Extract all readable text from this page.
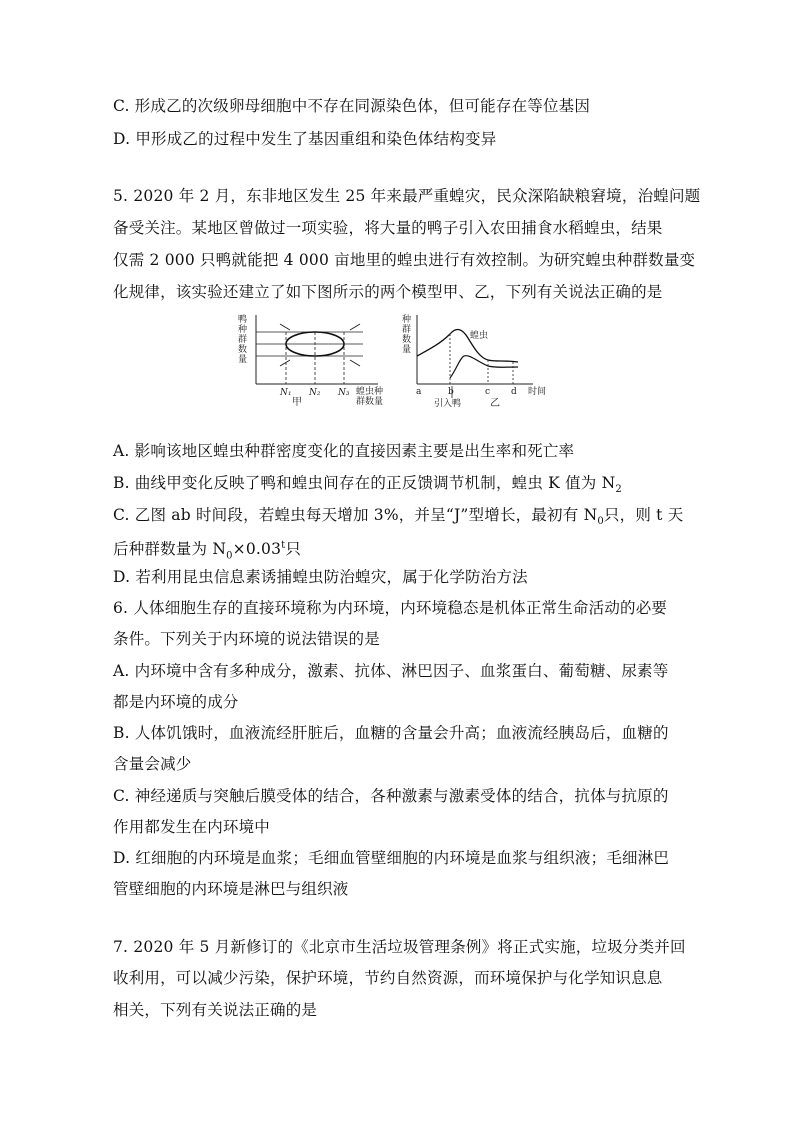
C. 形成乙的次级卵母细胞中不存在同源染色体，但可能存在等位基因
D. 甲形成乙的过程中发生了基因重组和染色体结构变异
5. 2020 年 2 月，东非地区发生 25 年来最严重蝗灾，民众深陷缺粮窘境，治蝗问题
备受关注。某地区曾做过一项实验，将大量的鸭子引入农田捕食水稻蝗虫，结果
仅需 2 000 只鸭就能把 4 000 亩地里的蝗虫进行有效控制。为研究蝗虫种群数量变
化规律，该实验还建立了如下图所示的两个模型甲、乙，下列有关说法正确的是
鸭
种
群
数
量
N₁ N₂ N₃ 蝗虫种
群数量
甲
种
群
数
量
蝗虫
a	b	c d 时间
引入鸭	乙
A. 影响该地区蝗虫种群密度变化的直接因素主要是出生率和死亡率
B. 曲线甲变化反映了鸭和蝗虫间存在的正反馈调节机制，蝗虫 K 值为 $N_2$
C. 乙图 ab 时间段，若蝗虫每天增加 3%，并呈“J”型增长，最初有 $N_0$只，则 t 天
后种群数量为 $N_0\times 0.03^t$只
D. 若利用昆虫信息素诱捕蝗虫防治蝗灾，属于化学防治方法
6. 人体细胞生存的直接环境称为内环境，内环境稳态是机体正常生命活动的必要
条件。下列关于内环境的说法错误的是
A. 内环境中含有多种成分，激素、抗体、淋巴因子、血浆蛋白、葡萄糖、尿素等
都是内环境的成分
B. 人体饥饿时，血液流经肝脏后，血糖的含量会升高；血液流经胰岛后，血糖的
含量会减少
C. 神经递质与突触后膜受体的结合，各种激素与激素受体的结合，抗体与抗原的
作用都发生在内环境中
D. 红细胞的内环境是血浆；毛细血管壁细胞的内环境是血浆与组织液；毛细淋巴
管壁细胞的内环境是淋巴与组织液
7. 2020 年 5 月新修订的《北京市生活垃圾管理条例》将正式实施，垃圾分类并回
收利用，可以减少污染，保护环境，节约自然资源，而环境保护与化学知识息息
相关，下列有关说法正确的是
